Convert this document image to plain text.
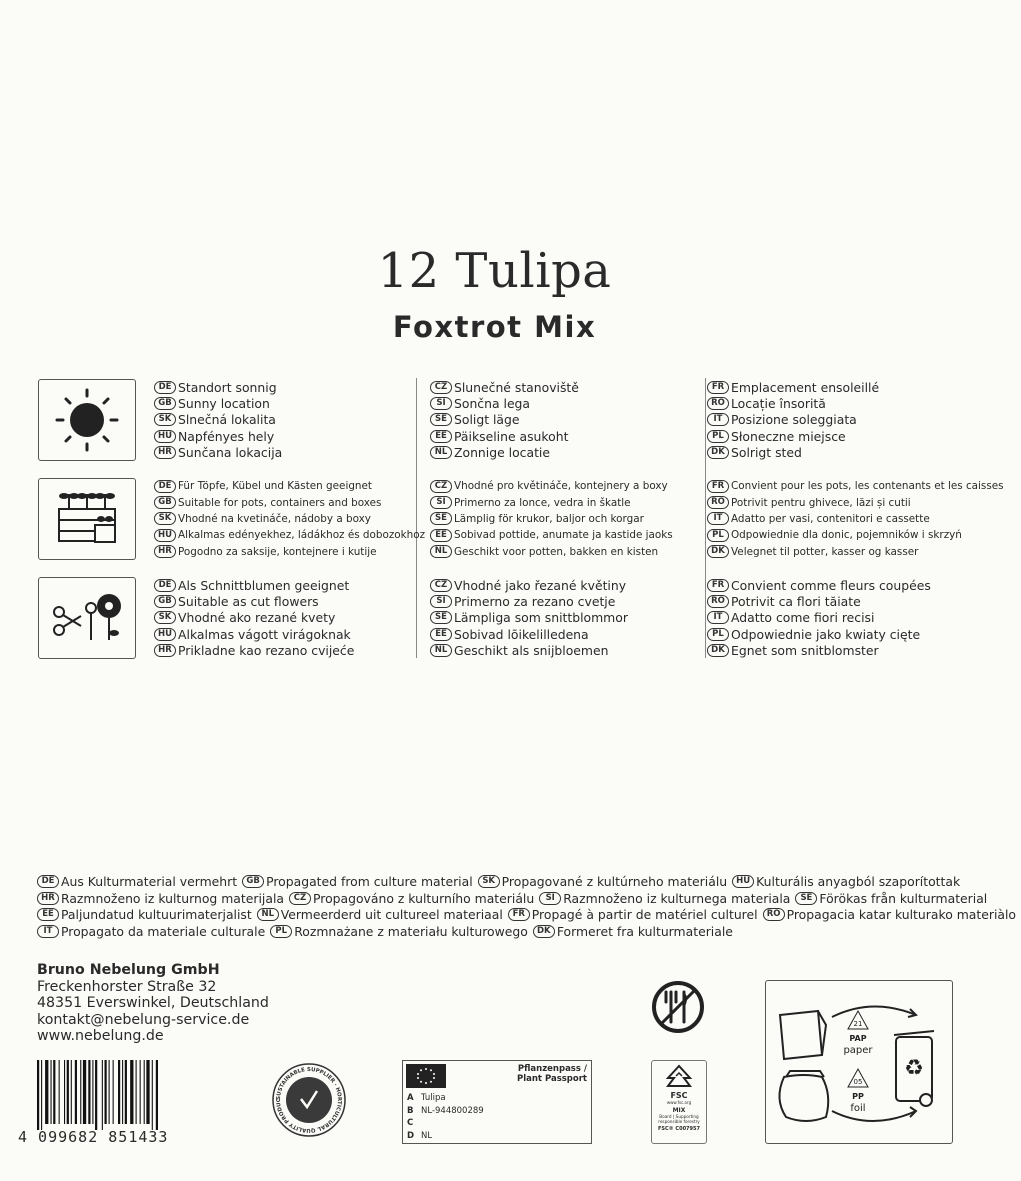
12 Tulipa
Foxtrot Mix
DE Standort sonnig
GB Sunny location
SK Slnečná lokalita
HU Napfényes hely
HR Sunčana lokacija
CZ Slunečné stanoviště
SI Sončna lega
SE Soligt läge
EE Päikseline asukoht
NL Zonnige locatie
FR Emplacement ensoleillé
RO Locație însorită
IT Posizione soleggiata
PL Słoneczne miejsce
DK Solrigt sted
DE Für Töpfe, Kübel und Kästen geeignet
GB Suitable for pots, containers and boxes
SK Vhodné na kvetináče, nádoby a boxy
HU Alkalmas edényekhez, ládákhoz és dobozokhoz
HR Pogodno za saksije, kontejnere i kutije
CZ Vhodné pro květináče, kontejnery a boxy
SI Primerno za lonce, vedra in škatle
SE Lämplig för krukor, baljor och korgar
EE Sobivad pottide, anumate ja kastide jaoks
NL Geschikt voor potten, bakken en kisten
FR Convient pour les pots, les contenants et les caisses
RO Potrivit pentru ghivece, lăzi și cutii
IT Adatto per vasi, contenitori e cassette
PL Odpowiednie dla donic, pojemników i skrzyń
DK Velegnet til potter, kasser og kasser
DE Als Schnittblumen geeignet
GB Suitable as cut flowers
SK Vhodné ako rezané kvety
HU Alkalmas vágott virágoknak
HR Prikladne kao rezano cvijeće
CZ Vhodné jako řezané květiny
SI Primerno za rezano cvetje
SE Lämpliga som snittblommor
EE Sobivad lõikelilledena
NL Geschikt als snijbloemen
FR Convient comme fleurs coupées
RO Potrivit ca flori tăiate
IT Adatto come fiori recisi
PL Odpowiednie jako kwiaty cięte
DK Egnet som snitblomster
DE Aus Kulturmaterial vermehrt	GB Propagated from culture material	SK Propagované z kultúrneho materiálu	HU Kulturális anyagból szaporítottak
HR Razmnoženo iz kulturnog materijala	CZ Propagováno z kulturního materiálu	SI Razmnoženo iz kulturnega materiala	SE Förökas från kulturmaterial
EE Paljundatud kultuurimaterjalist	NL Vermeerderd uit cultureel materiaal	FR Propagé à partir de matériel culturel	RO Propagacia katar kulturako materiàlo
IT Propagato da materiale culturale	PL Rozmnażane z materiału kulturowego	DK Formeret fra kulturmateriale
Bruno Nebelung GmbH
Freckenhorster Straße 32
48351 Everswinkel, Deutschland
kontakt@nebelung-service.de
www.nebelung.de
4 099682 851433
SUSTAINABLE SUPPLIER · HORTICULTURAL QUALITY PRODUC
Pflanzenpass /
Plant Passport
A Tulipa
B NL-944800289
C
D NL
FSC
www.fsc.org
MIX
Board | Supporting responsible forestry
FSC® C007957
♻
21
PAP
paper
05
PP
foil
